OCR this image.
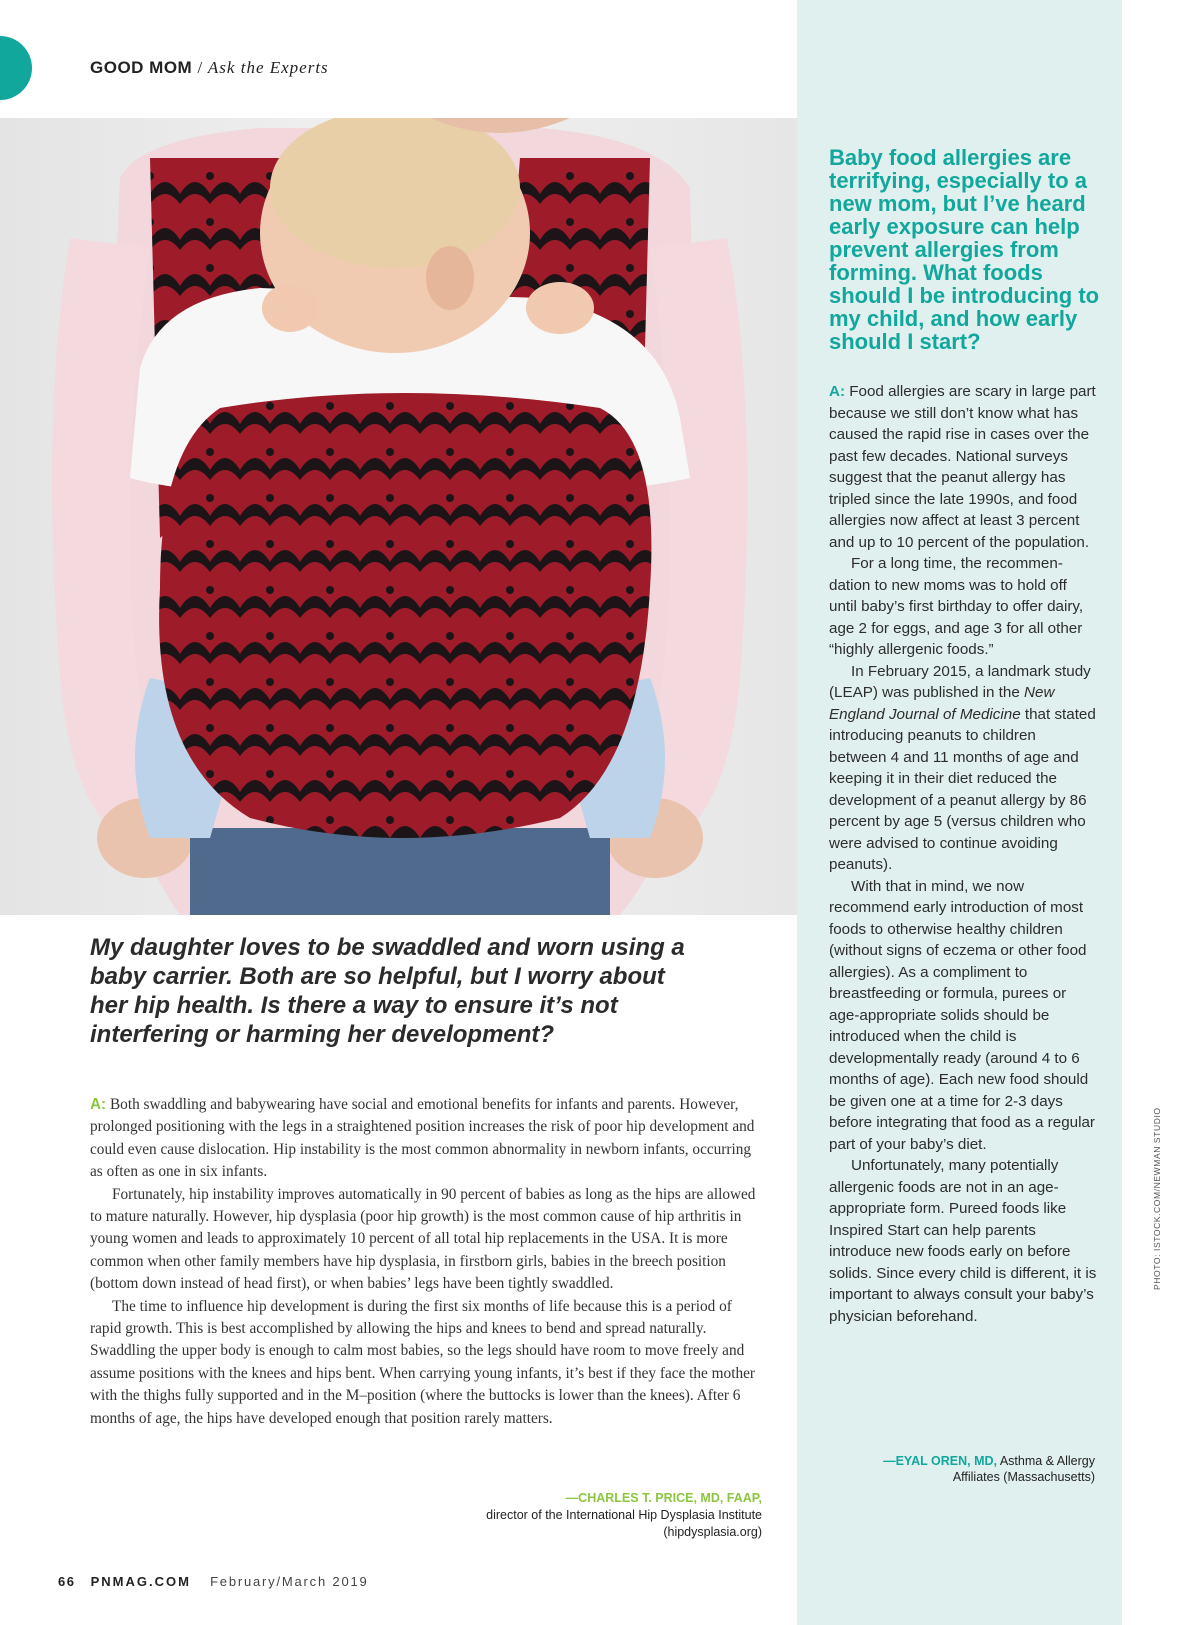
GOOD MOM / Ask the Experts
My daughter loves to be swaddled and worn using a baby carrier. Both are so helpful, but I worry about her hip health. Is there a way to ensure it’s not interfering or harming her development?

A: Both swaddling and babywearing have social and emotional benefits for infants and parents. However, prolonged positioning with the legs in a straightened position increases the risk of poor hip development and could even cause dislocation. Hip instability is the most common abnormality in newborn infants, occurring as often as one in six infants.

Fortunately, hip instability improves automatically in 90 percent of babies as long as the hips are allowed to mature naturally. However, hip dysplasia (poor hip growth) is the most common cause of hip arthritis in young women and leads to approximately 10 percent of all total hip replacements in the USA. It is more common when other family members have hip dysplasia, in firstborn girls, babies in the breech position (bottom down instead of head first), or when babies’ legs have been tightly swaddled.

The time to influence hip development is during the first six months of life because this is a period of rapid growth. This is best accomplished by allowing the hips and knees to bend and spread naturally. Swaddling the upper body is enough to calm most babies, so the legs should have room to move freely and assume positions with the knees and hips bent. When carrying young infants, it’s best if they face the mother with the thighs fully supported and in the M–position (where the buttocks is lower than the knees). After 6 months of age, the hips have developed enough that position rarely matters.

—CHARLES T. PRICE, MD, FAAP,
director of the International Hip Dysplasia Institute
(hipdysplasia.org)
Baby food allergies are terrifying, especially to a new mom, but I’ve heard early exposure can help prevent allergies from forming. What foods should I be introducing to my child, and how early should I start?

A: Food allergies are scary in large part because we still don’t know what has caused the rapid rise in cases over the past few decades. National surveys suggest that the peanut allergy has tripled since the late 1990s, and food allergies now affect at least 3 percent and up to 10 percent of the population.

For a long time, the recommendation to new moms was to hold off until baby’s first birthday to offer dairy, age 2 for eggs, and age 3 for all other “highly allergenic foods.”

In February 2015, a landmark study (LEAP) was published in the New England Journal of Medicine that stated introducing peanuts to children between 4 and 11 months of age and keeping it in their diet reduced the development of a peanut allergy by 86 percent by age 5 (versus children who were advised to continue avoiding peanuts).

With that in mind, we now recommend early introduction of most foods to otherwise healthy children (without signs of eczema or other food allergies). As a compliment to breastfeeding or formula, purees or age-appropriate solids should be introduced when the child is developmentally ready (around 4 to 6 months of age). Each new food should be given one at a time for 2-3 days before integrating that food as a regular part of your baby’s diet.

Unfortunately, many potentially allergenic foods are not in an age-appropriate form. Pureed foods like Inspired Start can help parents introduce new foods early on before solids. Since every child is different, it is important to always consult your baby’s physician beforehand.

—EYAL OREN, MD, Asthma & Allergy
Affiliates (Massachusetts)
PHOTO: ISTOCK.COM/NEWMAN STUDIO
66 PNMAG.COM February/March 2019
